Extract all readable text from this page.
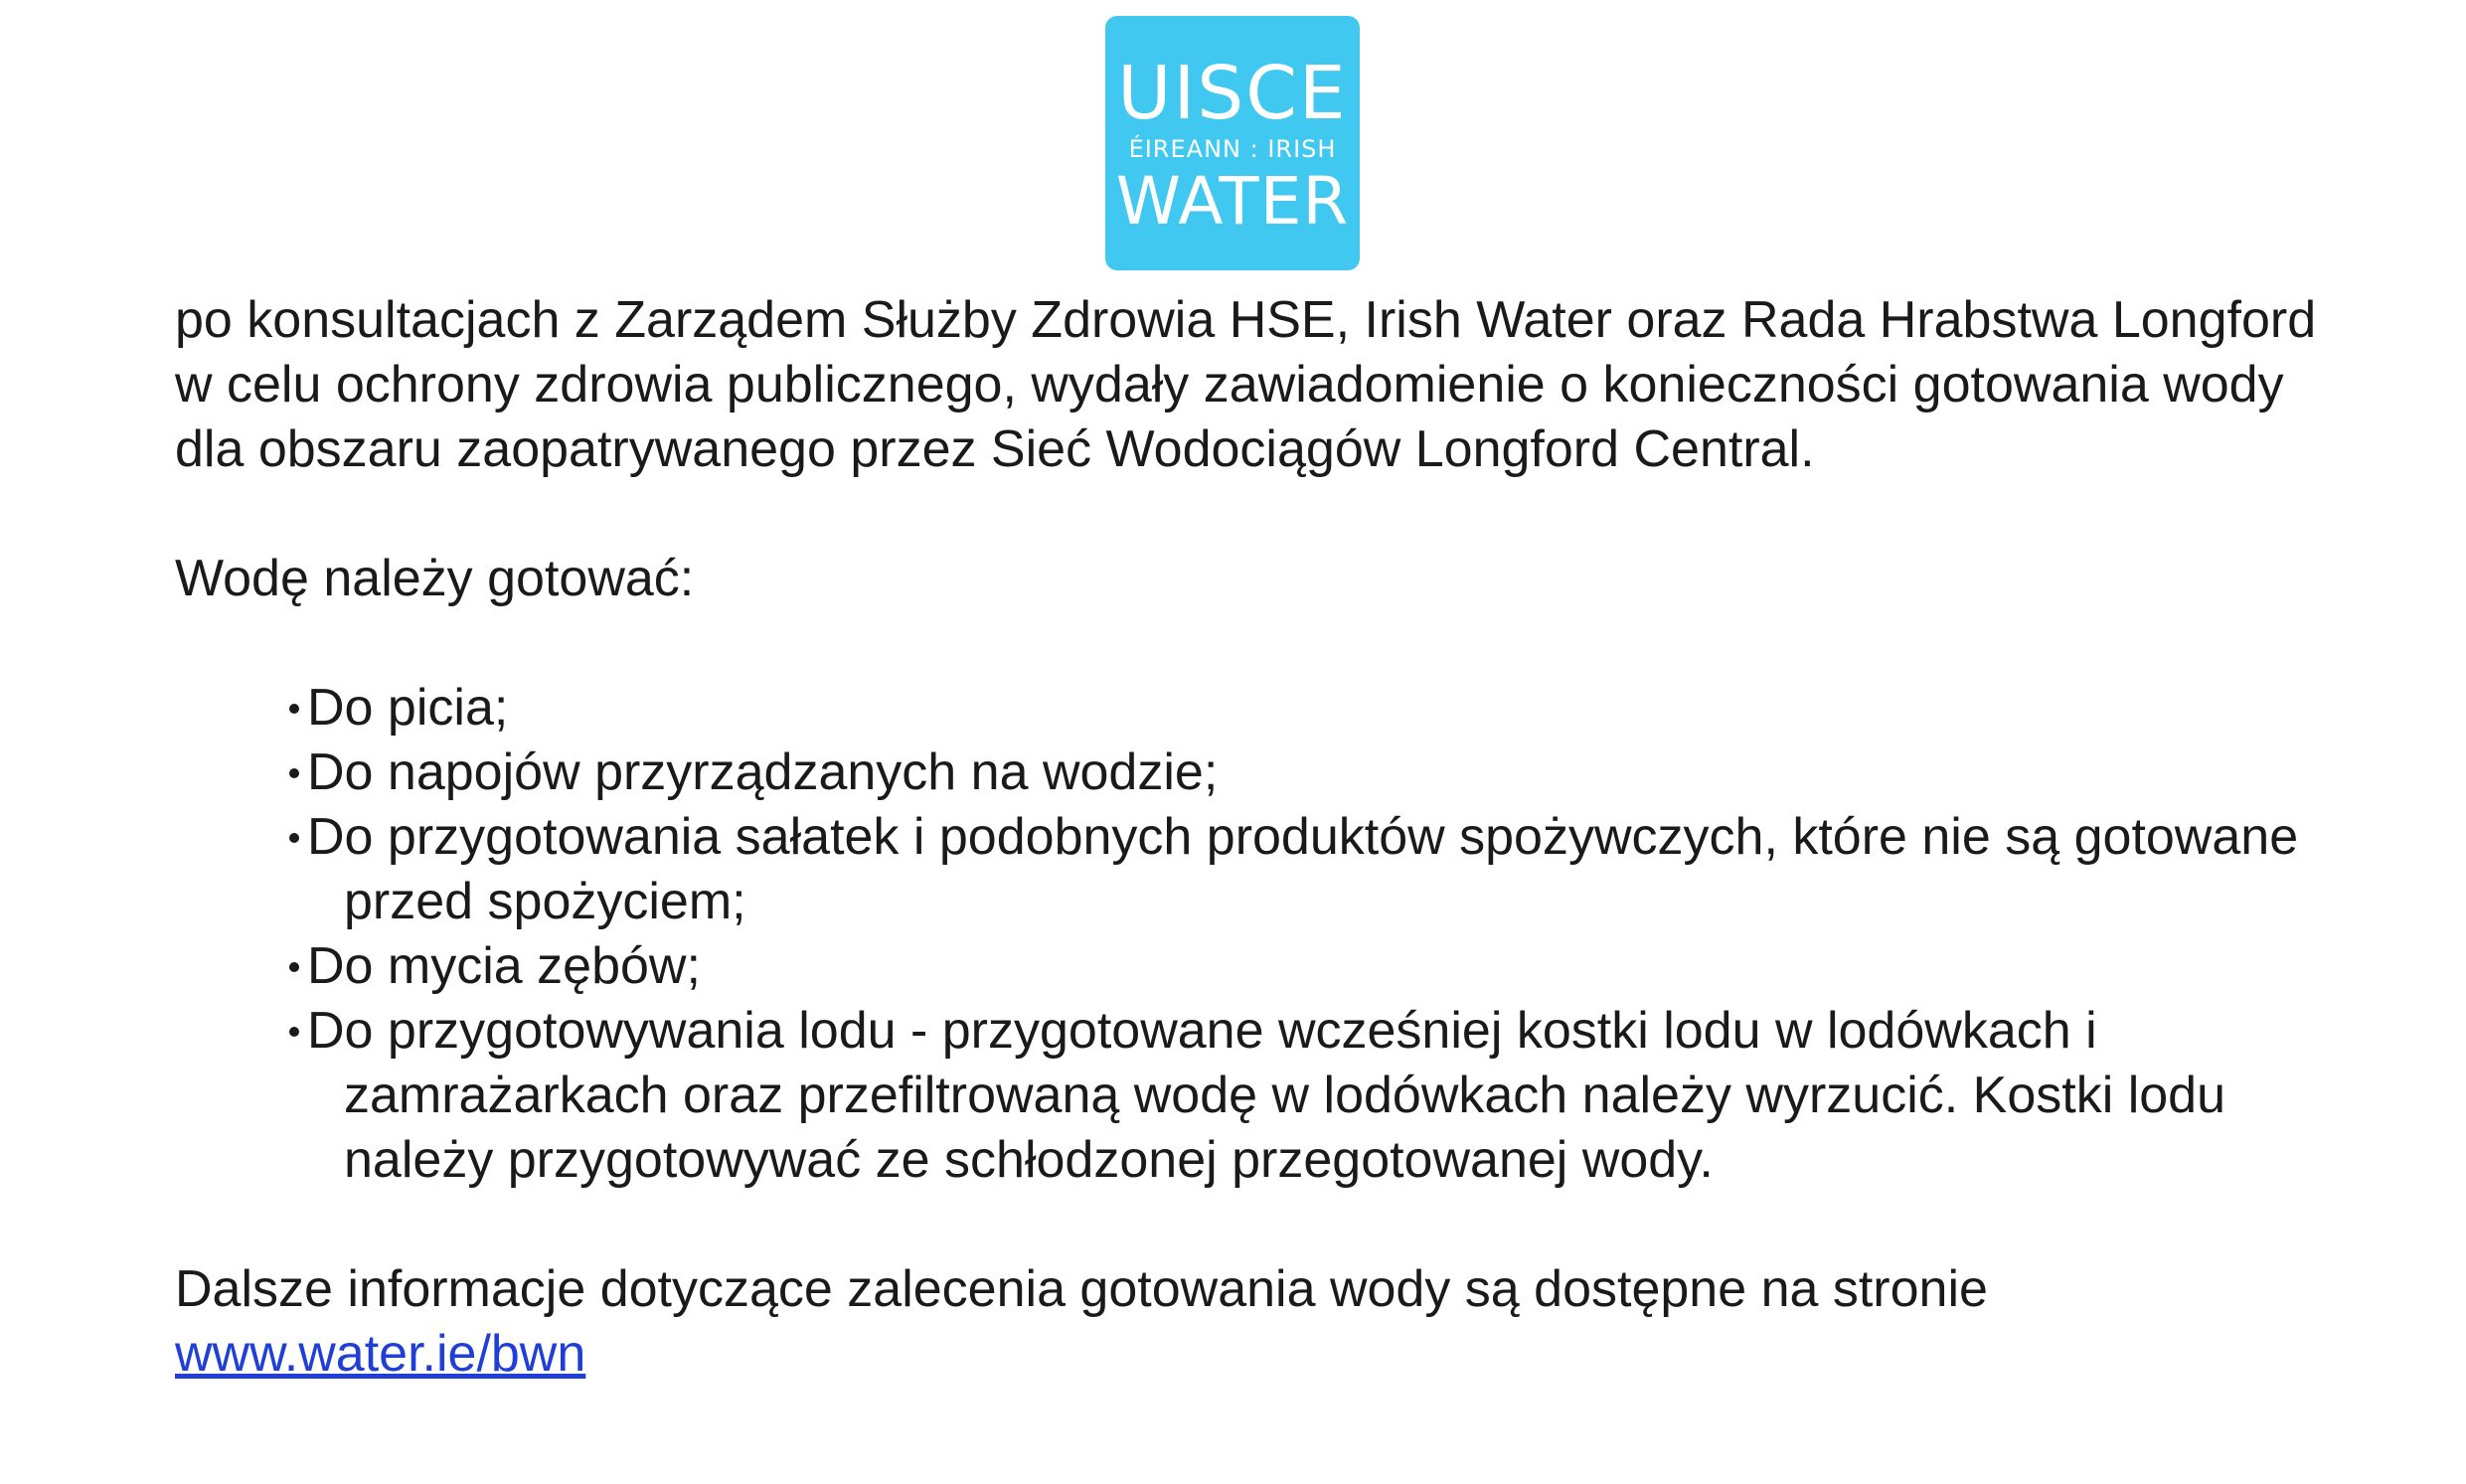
UISCE
ÉIREANN : IRISH
WATER

po konsultacjach z Zarządem Służby Zdrowia HSE, Irish Water oraz Rada Hrabstwa Longford w celu ochrony zdrowia publicznego, wydały zawiadomienie o konieczności gotowania wody dla obszaru zaopatrywanego przez Sieć Wodociągów Longford Central.

Wodę należy gotować:

Do picia;
Do napojów przyrządzanych na wodzie;
Do przygotowania sałatek i podobnych produktów spożywczych, które nie są gotowane przed spożyciem;
Do mycia zębów;
Do przygotowywania lodu - przygotowane wcześniej kostki lodu w lodówkach i zamrażarkach oraz przefiltrowaną wodę w lodówkach należy wyrzucić. Kostki lodu należy przygotowywać ze schłodzonej przegotowanej wody.

Dalsze informacje dotyczące zalecenia gotowania wody są dostępne na stronie
www.water.ie/bwn
